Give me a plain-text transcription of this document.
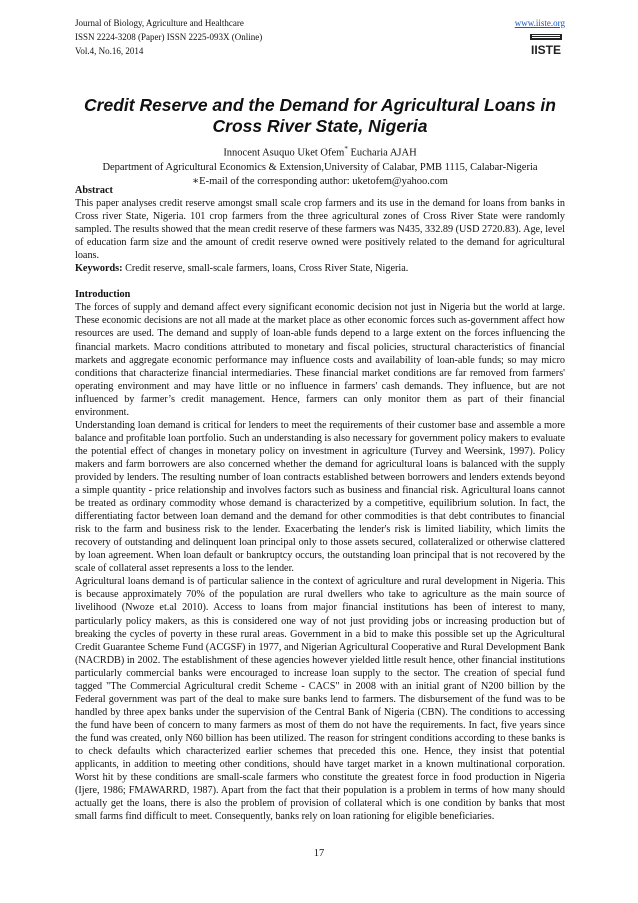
Journal of Biology, Agriculture and Healthcare
ISSN 2224-3208 (Paper) ISSN 2225-093X (Online)
Vol.4, No.16, 2014
www.iiste.org
IISTE
Credit Reserve and the Demand for Agricultural Loans in
Cross River State, Nigeria
Innocent Asuquo Uket Ofem* Eucharia AJAH
Department of Agricultural Economics & Extension,University of Calabar, PMB 1115, Calabar-Nigeria
∗E-mail of the corresponding author: uketofem@yahoo.com
Abstract

This paper analyses credit reserve amongst small scale crop farmers and its use in the demand for loans from banks in Cross river State, Nigeria. 101 crop farmers from the three agricultural zones of Cross River State were randomly sampled. The results showed that the mean credit reserve of these farmers was N435, 332.89 (USD 2720.83). Age, level of education farm size and the amount of credit reserve owned were positively related to the demand for agricultural loans.

Keywords: Credit reserve, small-scale farmers, loans, Cross River State, Nigeria.

Introduction

The forces of supply and demand affect every significant economic decision not just in Nigeria but the world at large. These economic decisions are not all made at the market place as other economic forces such as-government affect how resources are used. The demand and supply of loan-able funds depend to a large extent on the forces influencing the financial markets. Macro conditions attributed to monetary and fiscal policies, structural characteristics of financial markets and aggregate economic performance may influence costs and availability of loan-able funds; so may micro conditions that characterize financial intermediaries. These financial market conditions are far removed from farmers' operating environment and may have little or no influence in farmers' cash demands. They influence, but are not influenced by farmer’s credit management. Hence, farmers can only monitor them as part of their financial environment.

Understanding loan demand is critical for lenders to meet the requirements of their customer base and assemble a more balance and profitable loan portfolio. Such an understanding is also necessary for government policy makers to evaluate the potential effect of changes in monetary policy on investment in agriculture (Turvey and Weersink, 1997). Policy makers and farm borrowers are also concerned whether the demand for agricultural loans is balanced with the supply provided by lenders. The resulting number of loan contracts established between borrowers and lenders extends beyond a simple quantity - price relationship and involves factors such as business and financial risk. Agricultural loans cannot be treated as ordinary commodity whose demand is characterized by a competitive, equilibrium solution. In fact, the differentiating factor between loan demand and the demand for other commodities is that debt contributes to financial risk to the farm and business risk to the lender. Exacerbating the lender's risk is limited liability, which limits the recovery of outstanding and delinquent loan principal only to those assets secured, collateralized or otherwise clattered by loan agreement. When loan default or bankruptcy occurs, the outstanding loan principal that is not recovered by the scale of collateral asset represents a loss to the lender.

Agricultural loans demand is of particular salience in the context of agriculture and rural development in Nigeria. This is because approximately 70% of the population are rural dwellers who take to agriculture as the main source of livelihood (Nwoze et.al 2010). Access to loans from major financial institutions has been of interest to many, particularly policy makers, as this is considered one way of not just providing jobs or increasing production but of breaking the cycles of poverty in these rural areas. Government in a bid to make this possible set up the Agricultural Credit Guarantee Scheme Fund (ACGSF) in 1977, and Nigerian Agricultural Cooperative and Rural Development Bank (NACRDB) in 2002. The establishment of these agencies however yielded little result hence, other financial institutions particularly commercial banks were encouraged to increase loan supply to the sector. The creation of special fund tagged "The Commercial Agricultural credit Scheme - CACS" in 2008 with an initial grant of N200 billion by the Federal government was part of the deal to make sure banks lend to farmers. The disbursement of the fund was to be handled by three apex banks under the supervision of the Central Bank of Nigeria (CBN). The conditions to accessing the fund have been of concern to many farmers as most of them do not have the requirements. In fact, five years since the fund was created, only N60 billion has been utilized. The reason for stringent conditions according to these banks is to check defaults which characterized earlier schemes that preceded this one. Hence, they insist that potential applicants, in addition to meeting other conditions, should have target market in a known multinational corporation. Worst hit by these conditions are small-scale farmers who constitute the greatest force in food production in Nigeria (Ijere, 1986; FMAWARRD, 1987). Apart from the fact that their population is a problem in terms of how many should actually get the loans, there is also the problem of provision of collateral which is one condition by banks that most small farms find difficult to meet. Consequently, banks rely on loan rationing for eligible beneficiaries.

17
